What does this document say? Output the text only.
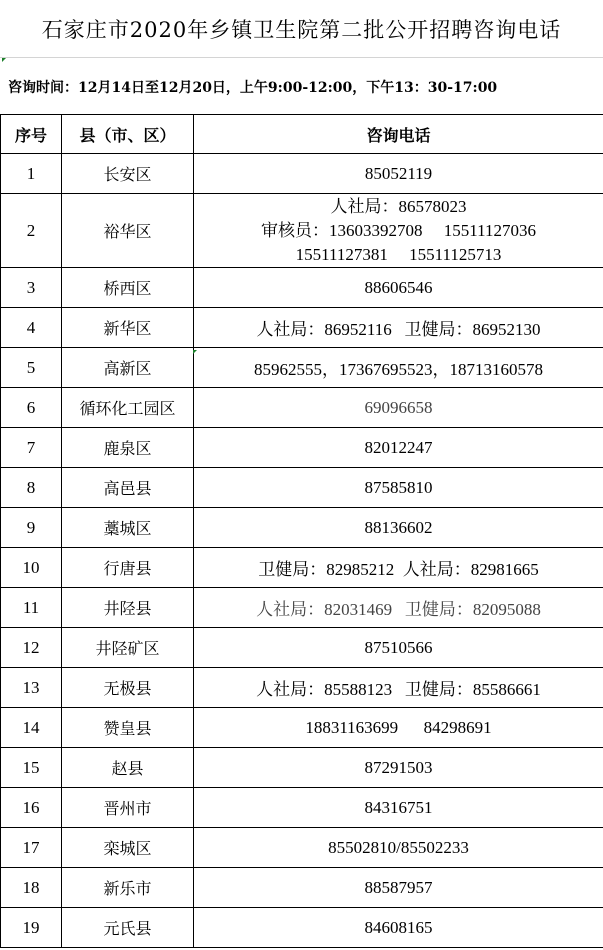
石家庄市2020年乡镇卫生院第二批公开招聘咨询电话
咨询时间：12月14日至12月20日，上午9:00-12:00，下午13：30-17:00
序号	县（市、区）	咨询电话
1	长安区	85052119
2	裕华区	人社局：86578023
审核员：13603392708     15511127036
15511127381     15511125713

3	桥西区	88606546
4	新华区	人社局：86952116   卫健局：86952130
5	高新区	85962555，17367695523，18713160578
6	循环化工园区	69096658
7	鹿泉区	82012247
8	高邑县	87585810
9	藁城区	88136602
10	行唐县	卫健局：82985212  人社局：82981665
11	井陉县	人社局：82031469   卫健局：82095088
12	井陉矿区	87510566
13	无极县	人社局：85588123   卫健局：85586661
14	赞皇县	18831163699      84298691
15	赵县	87291503
16	晋州市	84316751
17	栾城区	85502810/85502233
18	新乐市	88587957
19	元氏县	84608165
